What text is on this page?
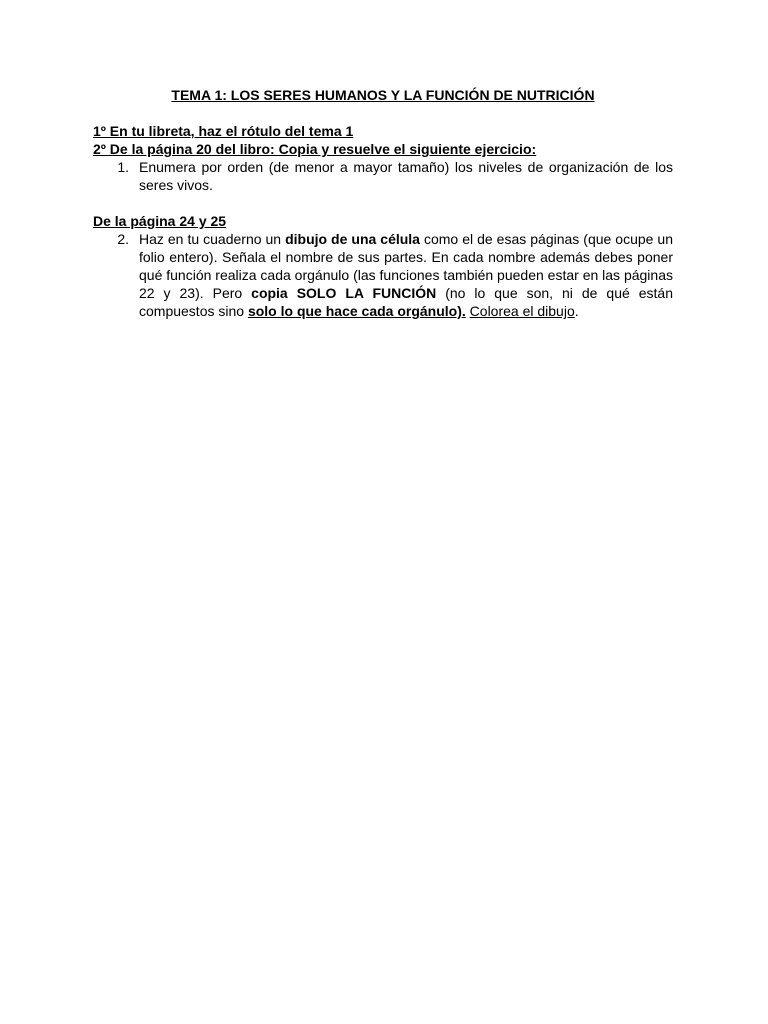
TEMA 1: LOS SERES HUMANOS Y LA FUNCIÓN DE NUTRICIÓN

1º En tu libreta, haz el rótulo del tema 1

2º De la página 20 del libro: Copia y resuelve el siguiente ejercicio:

1. Enumera por orden (de menor a mayor tamaño) los niveles de organización de los seres vivos.

De la página 24 y 25

2. Haz en tu cuaderno un dibujo de una célula como el de esas páginas (que ocupe un folio entero). Señala el nombre de sus partes. En cada nombre además debes poner qué función realiza cada orgánulo (las funciones también pueden estar en las páginas 22 y 23). Pero copia SOLO LA FUNCIÓN (no lo que son, ni de qué están compuestos sino solo lo que hace cada orgánulo). Colorea el dibujo.
